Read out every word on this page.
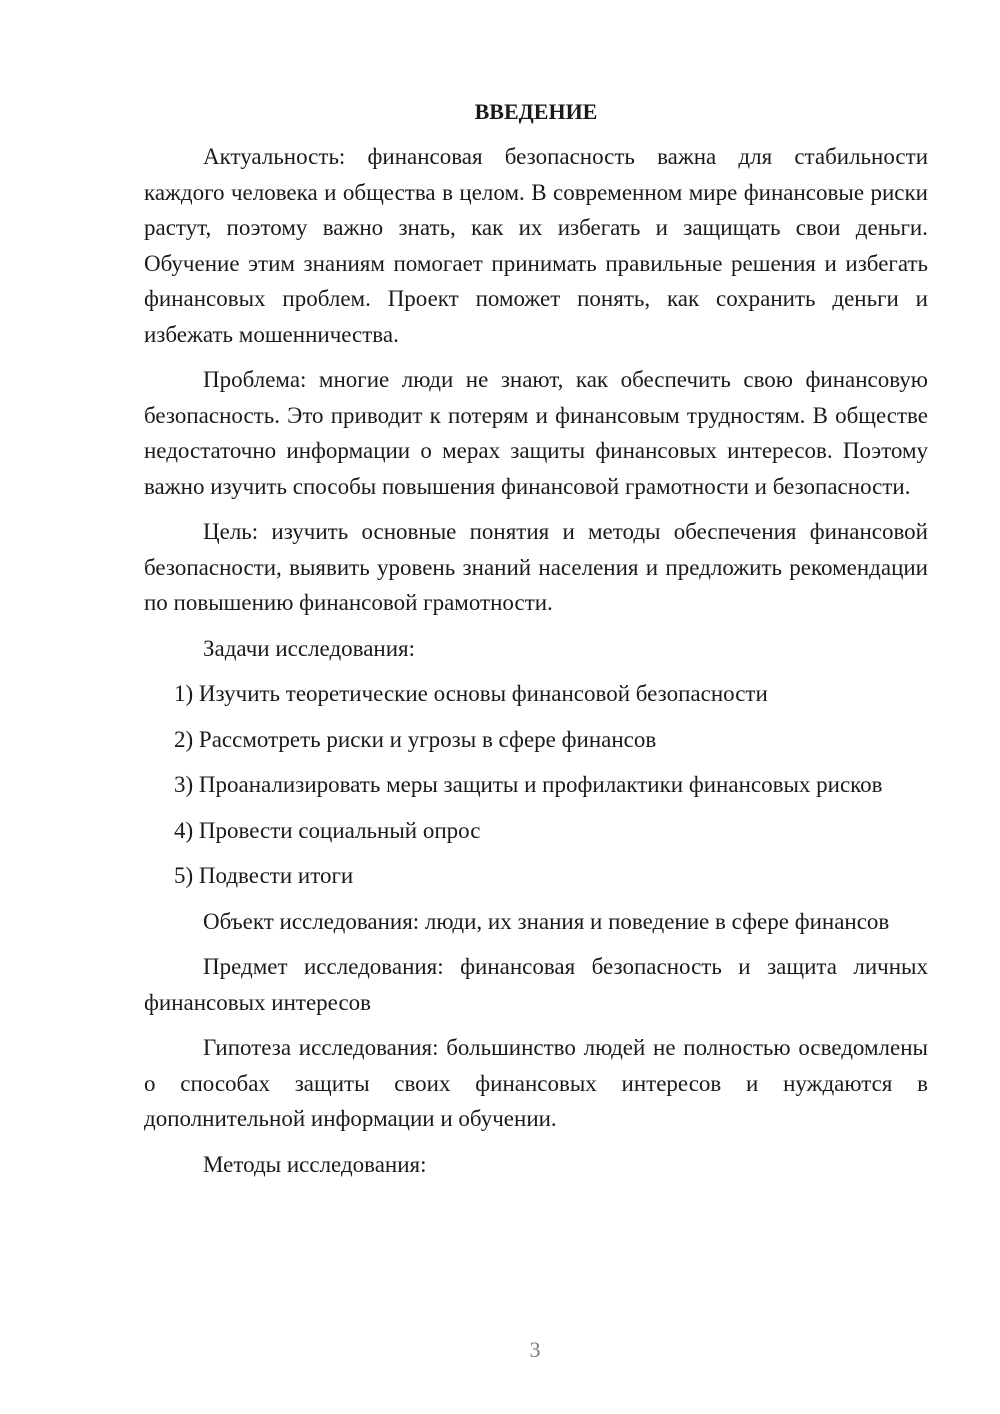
ВВЕДЕНИЕ

Актуальность: финансовая безопасность важна для стабильности каждого человека и общества в целом. В современном мире финансовые риски растут, поэтому важно знать, как их избегать и защищать свои деньги. Обучение этим знаниям помогает принимать правильные решения и избегать финансовых проблем. Проект поможет понять, как сохранить деньги и избежать мошенничества.

Проблема: многие люди не знают, как обеспечить свою финансовую безопасность. Это приводит к потерям и финансовым трудностям. В обществе недостаточно информации о мерах защиты финансовых интересов. Поэтому важно изучить способы повышения финансовой грамотности и безопасности.

Цель: изучить основные понятия и методы обеспечения финансовой безопасности, выявить уровень знаний населения и предложить рекомендации по повышению финансовой грамотности.

Задачи исследования:

1) Изучить теоретические основы финансовой безопасности

2) Рассмотреть риски и угрозы в сфере финансов

3) Проанализировать меры защиты и профилактики финансовых рисков

4) Провести социальный опрос

5) Подвести итоги

Объект исследования: люди, их знания и поведение в сфере финансов

Предмет исследования: финансовая безопасность и защита личных финансовых интересов

Гипотеза исследования: большинство людей не полностью осведомлены о способах защиты своих финансовых интересов и нуждаются в дополнительной информации и обучении.

Методы исследования:

3
